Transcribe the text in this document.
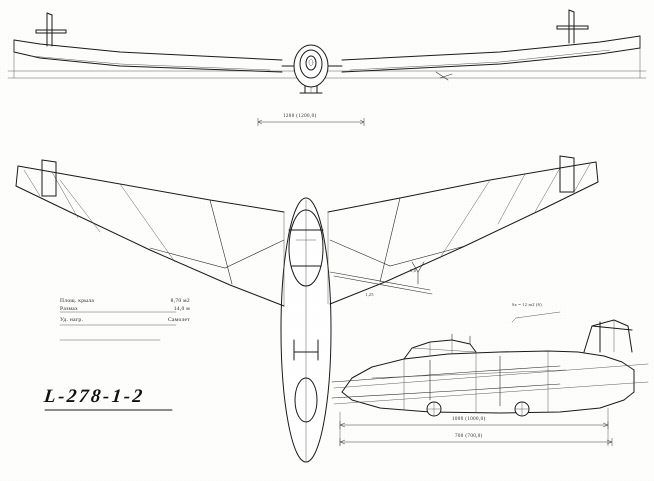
1200 (1200,0)
1000 (1000,0)
700 (700,0)
Sz = 12 m2 (6)
1,25
8,0
Площ. крыла	8,70 м2
Размах	14,0 м
Уд. нагр.	Самолет
L-278-1-2
